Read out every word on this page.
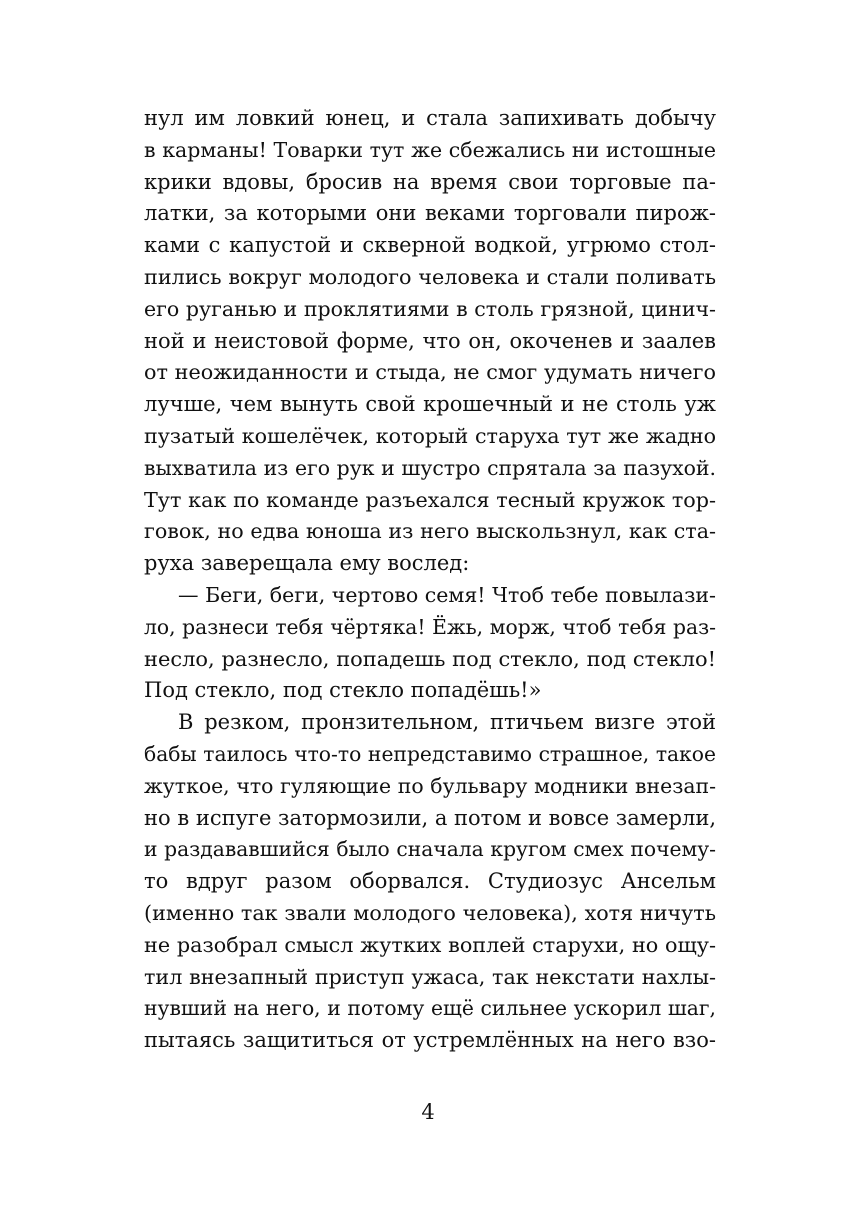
нул им ловкий юнец, и стала запихивать добычу
в карманы! Товарки тут же сбежались ни истошные
крики вдовы, бросив на время свои торговые па-
латки, за которыми они веками торговали пирож-
ками с капустой и скверной водкой, угрюмо стол-
пились вокруг молодого человека и стали поливать
его руганью и проклятиями в столь грязной, цинич-
ной и неистовой форме, что он, окоченев и заалев
от неожиданности и стыда, не смог удумать ничего
лучше, чем вынуть свой крошечный и не столь уж
пузатый кошелёчек, который старуха тут же жадно
выхватила из его рук и шустро спрятала за пазухой.
Тут как по команде разъехался тесный кружок тор-
говок, но едва юноша из него выскользнул, как ста-
руха заверещала ему вослед:
— Беги, беги, чертово семя! Чтоб тебе повылази-
ло, разнеси тебя чёртяка! Ёжь, морж, чтоб тебя раз-
несло, разнесло, попадешь под стекло, под стекло!
Под стекло, под стекло попадёшь!»
В резком, пронзительном, птичьем визге этой
бабы таилось что-то непредставимо страшное, такое
жуткое, что гуляющие по бульвару модники внезап-
но в испуге затормозили, а потом и вовсе замерли,
и раздававшийся было сначала кругом смех почему-
то вдруг разом оборвался. Студиозус Ансельм
(именно так звали молодого человека), хотя ничуть
не разобрал смысл жутких воплей старухи, но ощу-
тил внезапный приступ ужаса, так некстати нахлы-
нувший на него, и потому ещё сильнее ускорил шаг,
пытаясь защититься от устремлённых на него взо-
4
